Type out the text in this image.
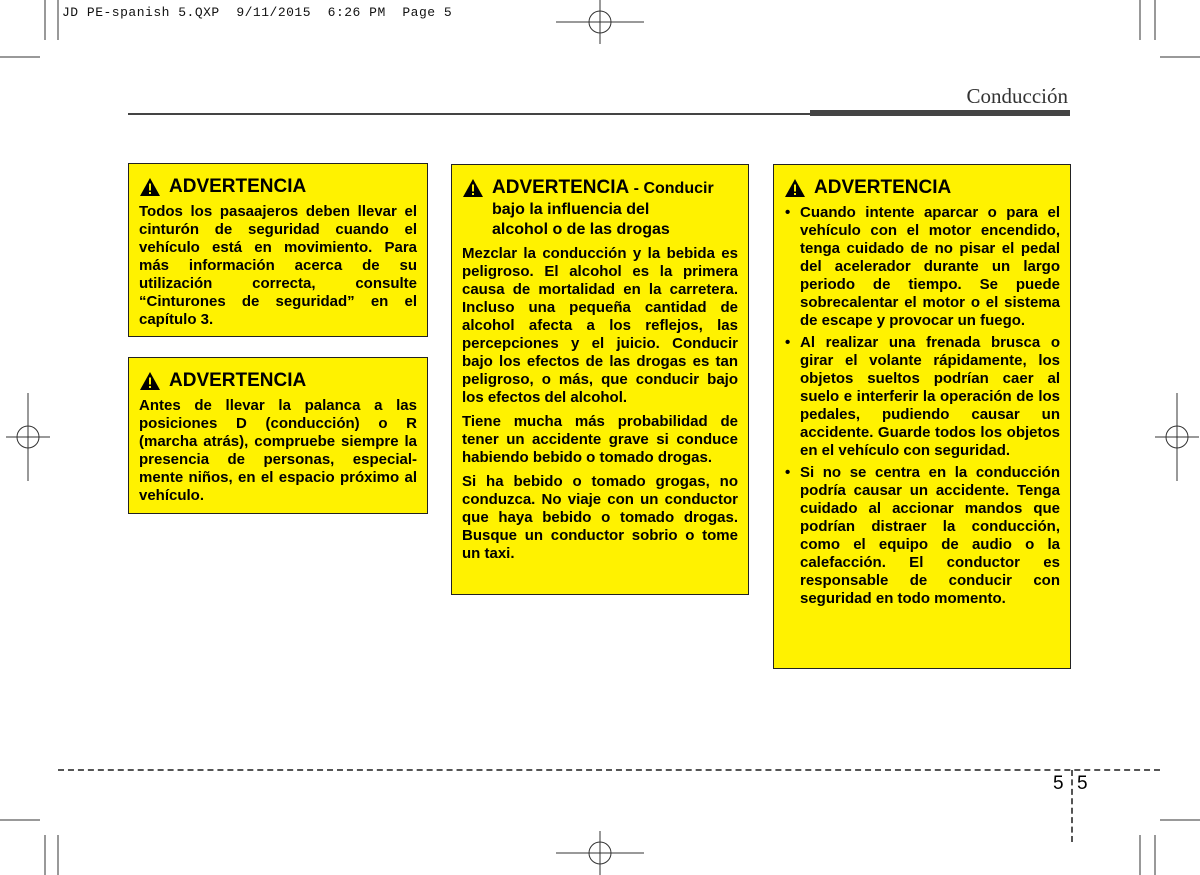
JD PE-spanish 5.QXP  9/11/2015  6:26 PM  Page 5
Conducción
ADVERTENCIA
Todos los pasaajeros deben llevar el cinturón de seguridad cuando el vehículo está en movimiento. Para más información acerca de su utilización correcta, consulte “Cinturones de seguridad” en el capítulo 3.
ADVERTENCIA
Antes de llevar la palanca a las posiciones D (conducción) o R (marcha atrás), compruebe siempre la presencia de personas, especial-mente niños, en el espacio próximo al vehículo.
ADVERTENCIA - Conducir
bajo la influencia del
alcohol o de las drogas
Mezclar la conducción y la bebida es peligroso. El alcohol es la primera causa de mortalidad en la carretera. Incluso una pequeña cantidad de alcohol afecta a los reflejos, las percepciones y el juicio. Conducir bajo los efectos de las drogas es tan peligroso, o más, que conducir bajo los efectos del alcohol.
Tiene mucha más probabilidad de tener un accidente grave si conduce habiendo bebido o tomado drogas.
Si ha bebido o tomado grogas, no conduzca. No viaje con un conductor que haya bebido o tomado drogas. Busque un conductor sobrio o tome un taxi.
ADVERTENCIA
• Cuando intente aparcar o para el vehículo con el motor encendido, tenga cuidado de no pisar el pedal del acelerador durante un largo periodo de tiempo. Se puede sobrecalentar el motor o el sistema de escape y provocar un fuego.
• Al realizar una frenada brusca o girar el volante rápidamente, los objetos sueltos podrían caer al suelo e interferir la operación de los pedales, pudiendo causar un accidente. Guarde todos los objetos en el vehículo con seguridad.
• Si no se centra en la conducción podría causar un accidente. Tenga cuidado al accionar mandos que podrían distraer la conducción, como el equipo de audio o la calefacción. El conductor es responsable de conducir con seguridad en todo momento.
5 5
